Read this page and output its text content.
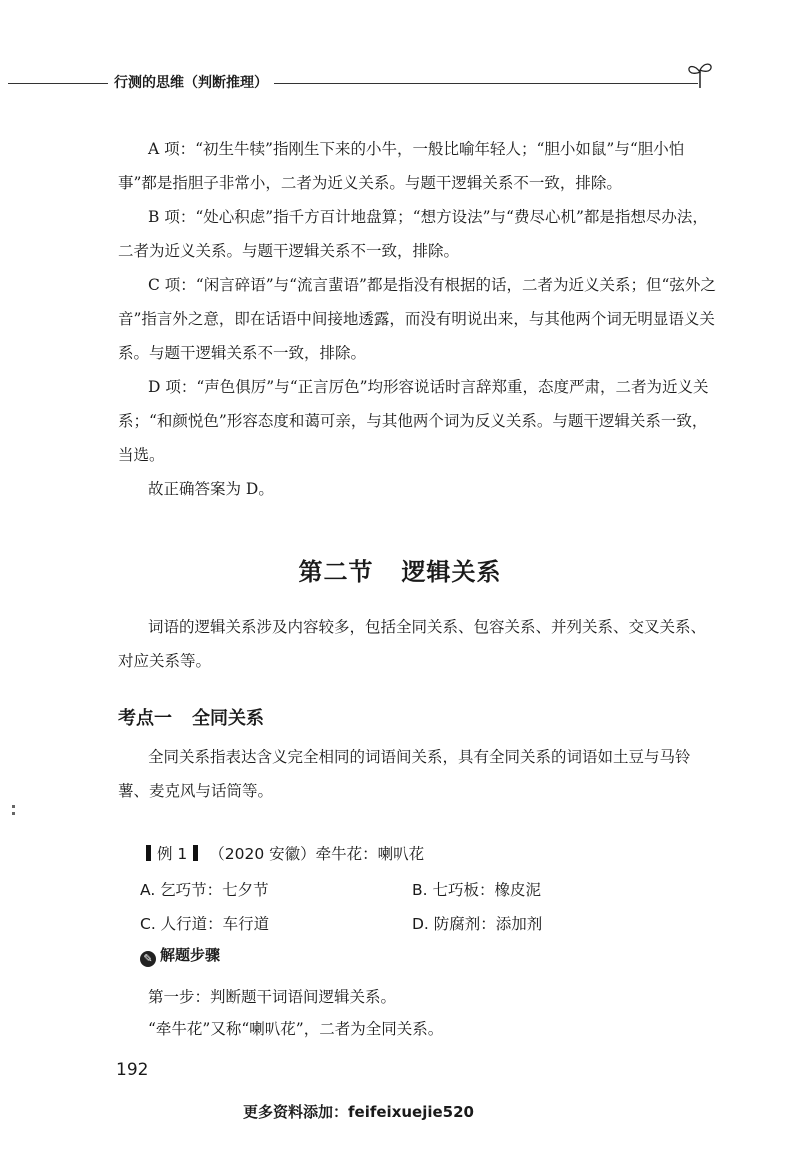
行测的思维（判断推理）

A 项：“初生牛犊”指刚生下来的小牛，一般比喻年轻人；“胆小如鼠”与“胆小怕事”都是指胆子非常小，二者为近义关系。与题干逻辑关系不一致，排除。

B 项：“处心积虑”指千方百计地盘算；“想方设法”与“费尽心机”都是指想尽办法，二者为近义关系。与题干逻辑关系不一致，排除。

C 项：“闲言碎语”与“流言蜚语”都是指没有根据的话，二者为近义关系；但“弦外之音”指言外之意，即在话语中间接地透露，而没有明说出来，与其他两个词无明显语义关系。与题干逻辑关系不一致，排除。

D 项：“声色俱厉”与“正言厉色”均形容说话时言辞郑重，态度严肃，二者为近义关系；“和颜悦色”形容态度和蔼可亲，与其他两个词为反义关系。与题干逻辑关系一致，当选。

故正确答案为 D。

第二节 逻辑关系

词语的逻辑关系涉及内容较多，包括全同关系、包容关系、并列关系、交叉关系、对应关系等。

考点一 全同关系

全同关系指表达含义完全相同的词语间关系，具有全同关系的词语如土豆与马铃薯、麦克风与话筒等。

例 1 （2020 安徽）牵牛花：喇叭花
A. 乞巧节：七夕节	B. 七巧板：橡皮泥
C. 人行道：车行道	D. 防腐剂：添加剂
✎ 解题步骤

第一步：判断题干词语间逻辑关系。

“牵牛花”又称“喇叭花”，二者为全同关系。

192
更多资料添加：feifeixuejie520
